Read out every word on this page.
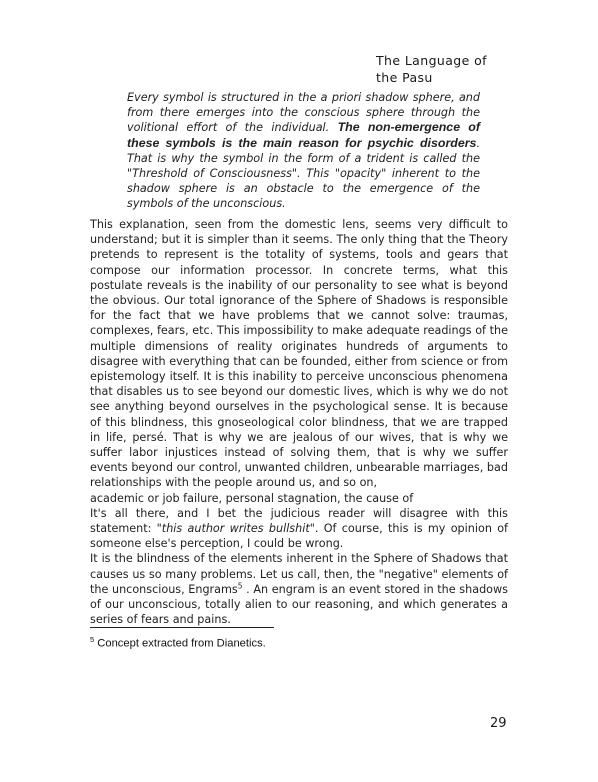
The Language of
the Pasu
Every symbol is structured in the a priori shadow sphere, and from there emerges into the conscious sphere through the volitional effort of the individual. The non-emergence of these symbols is the main reason for psychic disorders. That is why the symbol in the form of a trident is called the "Threshold of Consciousness". This "opacity" inherent to the shadow sphere is an obstacle to the emergence of the symbols of the unconscious.

This explanation, seen from the domestic lens, seems very difficult to understand; but it is simpler than it seems. The only thing that the Theory pretends to represent is the totality of systems, tools and gears that compose our information processor. In concrete terms, what this postulate reveals is the inability of our personality to see what is beyond the obvious. Our total ignorance of the Sphere of Shadows is responsible for the fact that we have problems that we cannot solve: traumas, complexes, fears, etc. This impossibility to make adequate readings of the multiple dimensions of reality originates hundreds of arguments to disagree with everything that can be founded, either from science or from epistemology itself. It is this inability to perceive unconscious phenomena that disables us to see beyond our domestic lives, which is why we do not see anything beyond ourselves in the psychological sense. It is because of this blindness, this gnoseological color blindness, that we are trapped in life, persé. That is why we are jealous of our wives, that is why we suffer labor injustices instead of solving them, that is why we suffer events beyond our control, unwanted children, unbearable marriages, bad relationships with the people around us, and so on,

academic or job failure, personal stagnation, the cause of

It's all there, and I bet the judicious reader will disagree with this statement: "this author writes bullshit". Of course, this is my opinion of someone else's perception, I could be wrong.

It is the blindness of the elements inherent in the Sphere of Shadows that causes us so many problems. Let us call, then, the "negative" elements of the unconscious, Engrams$^5$ . An engram is an event stored in the shadows of our unconscious, totally alien to our reasoning, and which generates a series of fears and pains.

$^5$ Concept extracted from Dianetics.
29
